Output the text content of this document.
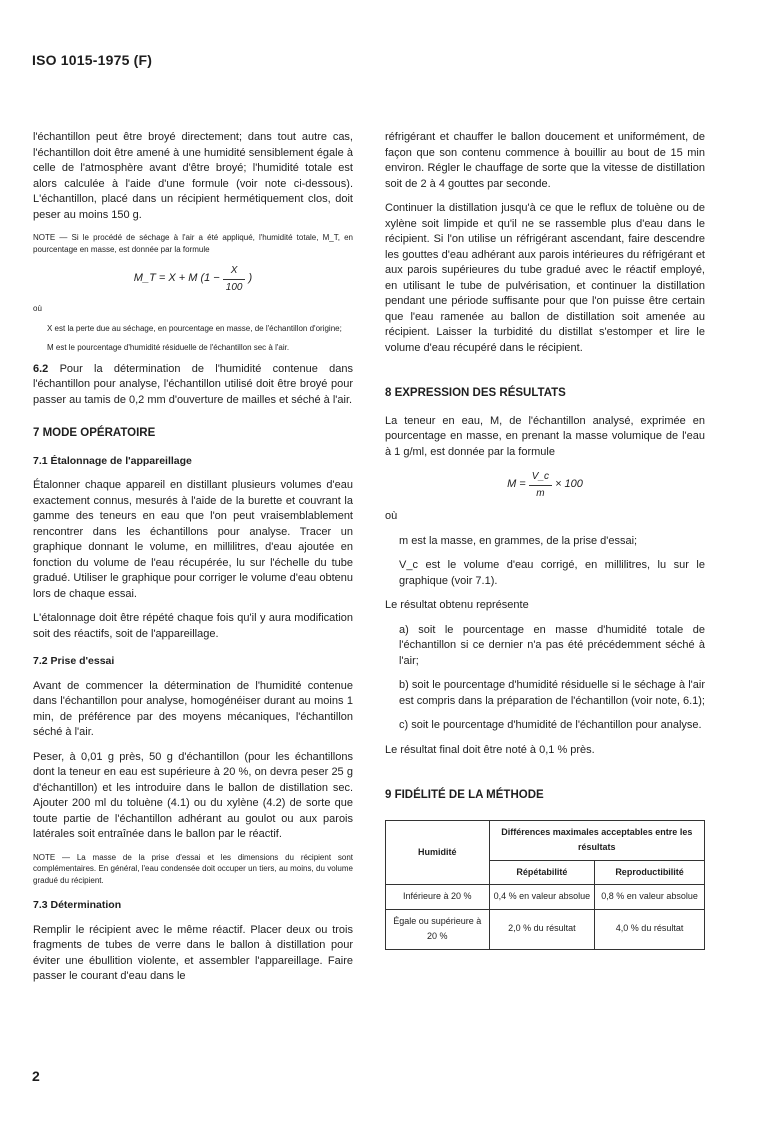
ISO 1015-1975 (F)

l'échantillon peut être broyé directement; dans tout autre cas, l'échantillon doit être amené à une humidité sensiblement égale à celle de l'atmosphère avant d'être broyé; l'humidité totale est alors calculée à l'aide d'une formule (voir note ci-dessous). L'échantillon, placé dans un récipient hermétiquement clos, doit peser au moins 150 g.

NOTE — Si le procédé de séchage à l'air a été appliqué, l'humidité totale, M_T, en pourcentage en masse, est donnée par la formule

M_T = X + M ($1 - \frac{X}{100}$ )

où

X est la perte due au séchage, en pourcentage en masse, de l'échantillon d'origine;

M est le pourcentage d'humidité résiduelle de l'échantillon sec à l'air.

6.2 Pour la détermination de l'humidité contenue dans l'échantillon pour analyse, l'échantillon utilisé doit être broyé pour passer au tamis de 0,2 mm d'ouverture de mailles et séché à l'air.

7 MODE OPÉRATOIRE
7.1 Étalonnage de l'appareillage

Étalonner chaque appareil en distillant plusieurs volumes d'eau exactement connus, mesurés à l'aide de la burette et couvrant la gamme des teneurs en eau que l'on peut vraisemblablement rencontrer dans les échantillons pour analyse. Tracer un graphique donnant le volume, en millilitres, d'eau ajoutée en fonction du volume de l'eau récupérée, lu sur l'échelle du tube gradué. Utiliser le graphique pour corriger le volume d'eau obtenu lors de chaque essai.

L'étalonnage doit être répété chaque fois qu'il y aura modification soit des réactifs, soit de l'appareillage.

7.2 Prise d'essai

Avant de commencer la détermination de l'humidité contenue dans l'échantillon pour analyse, homogénéiser durant au moins 1 min, de préférence par des moyens mécaniques, l'échantillon séché à l'air.

Peser, à 0,01 g près, 50 g d'échantillon (pour les échantillons dont la teneur en eau est supérieure à 20 %, on devra peser 25 g d'échantillon) et les introduire dans le ballon de distillation sec. Ajouter 200 ml du toluène (4.1) ou du xylène (4.2) de sorte que toute partie de l'échantillon adhérant au goulot ou aux parois latérales soit entraînée dans le ballon par le réactif.

NOTE — La masse de la prise d'essai et les dimensions du récipient sont complémentaires. En général, l'eau condensée doit occuper un tiers, au moins, du volume gradué du récipient.

7.3 Détermination

Remplir le récipient avec le même réactif. Placer deux ou trois fragments de tubes de verre dans le ballon à distillation pour éviter une ébullition violente, et assembler l'appareillage. Faire passer le courant d'eau dans le

réfrigérant et chauffer le ballon doucement et uniformément, de façon que son contenu commence à bouillir au bout de 15 min environ. Régler le chauffage de sorte que la vitesse de distillation soit de 2 à 4 gouttes par seconde.

Continuer la distillation jusqu'à ce que le reflux de toluène ou de xylène soit limpide et qu'il ne se rassemble plus d'eau dans le récipient. Si l'on utilise un réfrigérant ascendant, faire descendre les gouttes d'eau adhérant aux parois intérieures du réfrigérant et aux parois supérieures du tube gradué avec le réactif employé, en utilisant le tube de pulvérisation, et continuer la distillation pendant une période suffisante pour que l'on puisse être certain que l'eau ramenée au ballon de distillation soit amenée au récipient. Laisser la turbidité du distillat s'estomper et lire le volume d'eau récupéré dans le récipient.

8 EXPRESSION DES RÉSULTATS

La teneur en eau, M, de l'échantillon analysé, exprimée en pourcentage en masse, en prenant la masse volumique de l'eau à 1 g/ml, est donnée par la formule

$M = \frac{V\_c}{m} \times 100$

où

m est la masse, en grammes, de la prise d'essai;

V_c est le volume d'eau corrigé, en millilitres, lu sur le graphique (voir 7.1).

Le résultat obtenu représente

a) soit le pourcentage en masse d'humidité totale de l'échantillon si ce dernier n'a pas été précédemment séché à l'air;

b) soit le pourcentage d'humidité résiduelle si le séchage à l'air est compris dans la préparation de l'échantillon (voir note, 6.1);

c) soit le pourcentage d'humidité de l'échantillon pour analyse.

Le résultat final doit être noté à 0,1 % près.

9 FIDÉLITÉ DE LA MÉTHODE
Humidité	Différences maximales acceptables entre les résultats	
	Répétabilité	Reproductibilité
Inférieure à 20 %	0,4 % en valeur absolue	0,8 % en valeur absolue
Égale ou supérieure à 20 %	2,0 % du résultat	4,0 % du résultat
2
